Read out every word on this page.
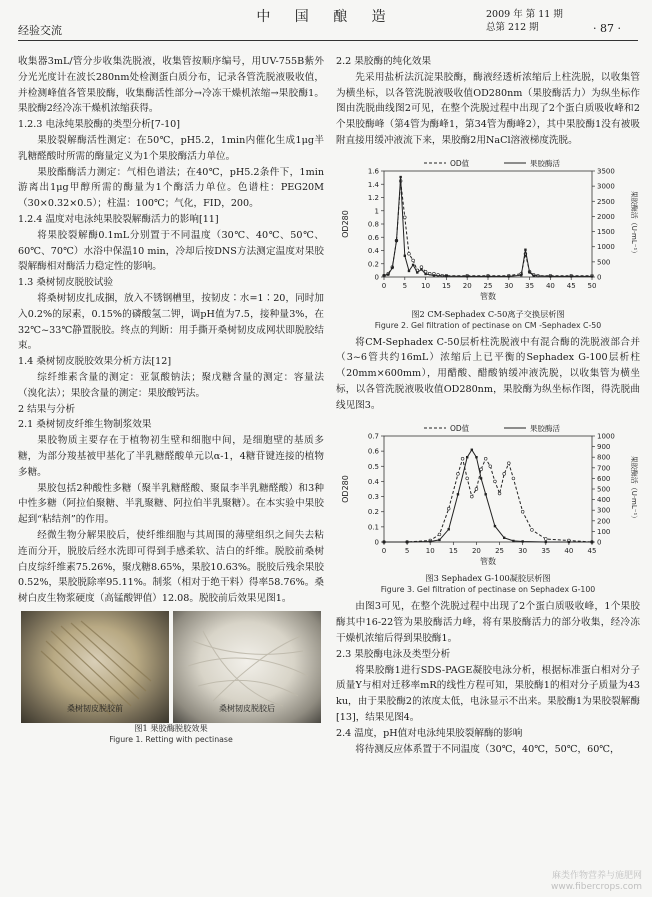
经验交流
中 国 酿 造	2009 年 第 11 期
总第 212 期	· 87 ·

收集器3mL/管分步收集洗脱液，收集管按顺序编号，用UV-755B紫外分光光度计在波长280nm处检测蛋白质分布，记录各管洗脱液吸收值，并检测峰值各管果胶酶，收集酶活性部分→冷冻干燥机浓缩→果胶酶1。果胶酶2经冷冻干燥机浓缩获得。

1.2.3 电泳纯果胶酶的类型分析[7-10]

果胶裂解酶活性测定：在50℃，pH5.2，1min内催化生成1μg半乳糖醛酸时所需的酶量定义为1个果胶酶活力单位。

果胶酯酶活力测定：气相色谱法；在40℃，pH5.2条件下，1min游离出1μg甲醇所需的酶量为1个酶活力单位。色谱柱：PEG20M（30×0.32×0.5）；柱温：100℃；气化，FID，200。

1.2.4 温度对电泳纯果胶裂解酶活力的影响[11]

将果胶裂解酶0.1mL分别置于不同温度（30℃、40℃、50℃、60℃、70℃）水浴中保温10 min，冷却后按DNS方法测定温度对果胶裂解酶相对酶活力稳定性的影响。

1.3 桑树韧皮脱胶试验

将桑树韧皮扎成捆，放入不锈钢槽里，按韧皮∶水=1∶20，同时加入0.2%的尿素，0.15%的磷酸氢二钾，调pH值为7.5，接种量3%，在32℃~33℃静置脱胶。终点的判断：用手撕开桑树韧皮成网状即脱胶结束。

1.4 桑树韧皮脱胶效果分析方法[12]

综纤维素含量的测定：亚氯酸钠法；聚戊糖含量的测定：容量法（溴化法）；果胶含量的测定：果胶酸钙法。

2 结果与分析

2.1 桑树韧皮纤维生物制浆效果

果胶物质主要存在于植物初生壁和细胞中间，是细胞壁的基质多糖，为部分羧基被甲基化了半乳糖醛酸单元以α-1，4糖苷键连接的植物多糖。

果胶包括2种酸性多糖（聚半乳糖醛酸、聚鼠李半乳糖醛酸）和3种中性多糖（阿拉伯聚糖、半乳聚糖、阿拉伯半乳聚糖）。在本实验中果胶起到“粘结剂”的作用。

经微生物分解果胶后，使纤维细胞与其周围的薄壁组织之间失去粘连而分开，脱胶后经水洗即可得到手感柔软、洁白的纤维。脱胶前桑树白皮综纤维素75.26%，聚戊糖8.65%，果胶10.63%。脱胶后残余果胶0.52%，果胶脱除率95.11%。制浆（相对于绝干料）得率58.76%。桑树白皮生物浆硬度（高锰酸钾值）12.08。脱胶前后效果见图1。

桑树韧皮脱胶前	桑树韧皮脱胶后
图1 果胶酶脱胶效果
Figure 1. Retting with pectinase

2.2 果胶酶的纯化效果

先采用盐析法沉淀果胶酶，酶液经透析浓缩后上柱洗脱，以收集管为横坐标，以各管洗脱液吸收值OD280nm（果胶酶活力）为纵坐标作图由洗脱曲线图2可见，在整个洗脱过程中出现了2个蛋白质吸收峰和2个果胶酶峰（第4管为酶峰1，第34管为酶峰2），其中果胶酶1没有被吸附直接用缓冲液流下来，果胶酶2用NaCl溶液梯度洗脱。

0 5 10 15 20 25 30 35 40 45 50
0
0.2
0.4
0.6
0.8
1
1.2
1.4
1.6
0
500
1000
1500
2000
2500
3000
3500
管数
OD280	果胶酶活（U·mL⁻¹）
OD值	果胶酶活
图2 CM-Sephadex C-50离子交换层析图
Figure 2. Gel filtration of pectinase on CM -Sephadex C-50

将CM-Sephadex C-50层析柱洗脱液中有混合酶的洗脱液部合并（3~6管共约16mL）浓缩后上已平衡的Sephadex G-100层析柱（20mm×600mm），用醋酸、醋酸钠缓冲液洗脱，以收集管为横坐标，以各管洗脱液吸收值OD280nm，果胶酶为纵坐标作图，得洗脱曲线见图3。

0	5 10 15 20 25 30 35 40 45
0
0.1
0.2
0.3
0.4
0.5
0.6
0.7
0
100
200
300
400
500
600
700
800
900
1000
管数
OD280	果胶酶活（U·mL⁻¹）
OD值	果胶酶活
图3 Sephadex G-100凝胶层析图
Figure 3. Gel filtration of pectinase on Sephadex G-100

由图3可见，在整个洗脱过程中出现了2个蛋白质吸收峰，1个果胶酶其中16-22管为果胶酶活力峰，将有果胶酶活力的部分收集，经冷冻干燥机浓缩后得到果胶酶1。

2.3 果胶酶电泳及类型分析

将果胶酶1进行SDS-PAGE凝胶电泳分析，根据标准蛋白相对分子质量Y与相对迁移率mR的线性方程可知，果胶酶1的相对分子质量为43 ku，由于果胶酶2的浓度太低，电泳显示不出来。果胶酶1为果胶裂解酶[13]，结果见图4。

2.4 温度，pH值对电泳纯果胶裂解酶的影响

将待测反应体系置于不同温度（30℃，40℃，50℃，60℃，

麻类作物营养与施肥网
www.fibercrops.com
